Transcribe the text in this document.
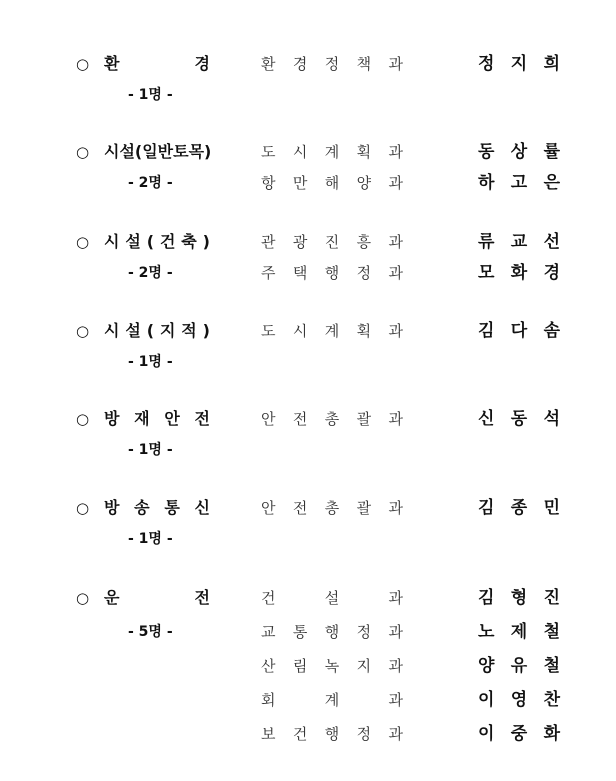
○ 환 경
- 1명 -
환 경 정 책 과	정 지 희
○ 시설(일반토목)
- 2명 -
도 시 계 획 과	동 상 률
항 만 해 양 과	하 고 은
○ 시 설 ( 건 축 )
- 2명 -
관 광 진 흥 과	류 교 선
주 택 행 정 과	모 화 경
○ 시 설 ( 지 적 )
- 1명 -
도 시 계 획 과	김 다 솜
○ 방 재 안 전
- 1명 -
안 전 총 괄 과	신 동 석
○ 방 송 통 신
- 1명 -
안 전 총 괄 과	김 종 민
○ 운 전
- 5명 -
건 설 과	김 형 진
교 통 행 정 과	노 제 철
산 림 녹 지 과	양 유 철
회 계 과	이 영 찬
보 건 행 정 과	이 중 화
